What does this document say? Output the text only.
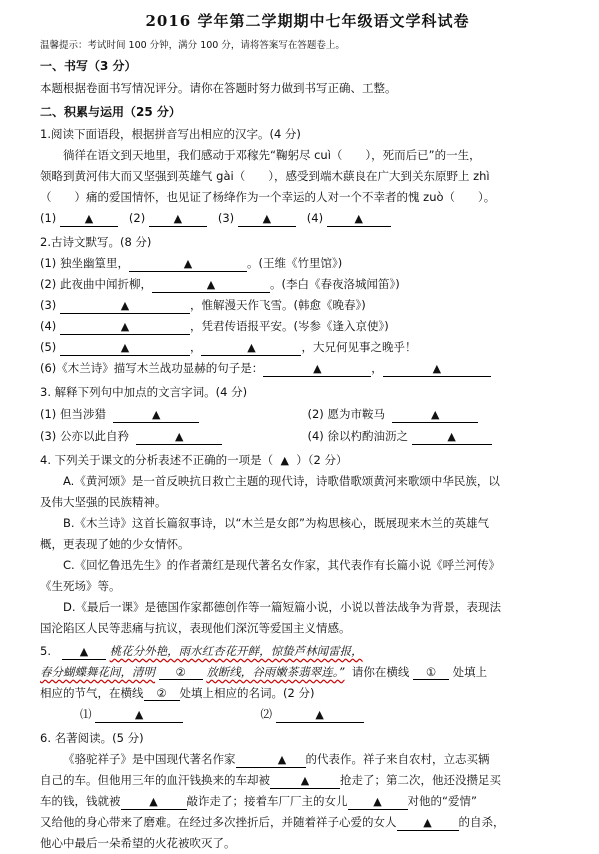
2016 学年第二学期期中七年级语文学科试卷
温馨提示：考试时间 100 分钟，满分 100 分，请将答案写在答题卷上。
一、书写（3 分）
本题根据卷面书写情况评分。请你在答题时努力做到书写正确、工整。
二、积累与运用（25 分）
1.阅读下面语段，根据拼音写出相应的汉字。(4 分)
徜徉在语文到天地里，我们感动于邓稼先“鞠躬尽 cuì（　　），死而后已”的一生，
领略到黄河伟大而又坚强到英雄气 gài（　　），感受到端木蕻良在广大到关东原野上 zhì
（　　）痛的爱国情怀，也见证了杨绛作为一个幸运的人对一个不幸者的愧 zuò（　　）。
(1)	▲	(2)	▲	(3)	▲	(4)	▲
2.古诗文默写。(8 分)
(1) 独坐幽篁里，	▲	。(王维《竹里馆》)
(2) 此夜曲中闻折柳，	▲	。(李白《春夜洛城闻笛》)
(3)	▲	，惟解漫天作飞雪。(韩愈《晚春》)
(4)	▲	，凭君传语报平安。(岑参《逢入京使》)
(5)	▲	，	▲	，大兄何见事之晚乎！
(6)《木兰诗》描写木兰战功显赫的句子是：	▲	，	▲
3. 解释下列句中加点的文言字词。(4 分)
(1) 但当涉猎	▲	(2) 愿为市鞍马	▲
(3) 公亦以此自矜	▲	(4) 徐以杓酌油沥之	▲
4. 下列关于课文的分析表述不正确的一项是（ ▲ ）（2 分）
A.《黄河颂》是一首反映抗日救亡主题的现代诗，诗歌借歌颂黄河来歌颂中华民族，以
及伟大坚强的民族精神。
B.《木兰诗》这首长篇叙事诗，以“木兰是女郎”为构思核心，既展现来木兰的英雄气
概，更表现了她的少女情怀。
C.《回忆鲁迅先生》的作者萧红是现代著名女作家，其代表作有长篇小说《呼兰河传》
《生死场》等。
D.《最后一课》是德国作家都德创作等一篇短篇小说，小说以普法战争为背景，表现法
国沦陷区人民等悲痛与抗议，表现他们深沉等爱国主义情感。
5.	▲ 桃花分外艳，雨水红杏花开鲜，惊蛰芦林闻雷报，
春分蝴蝶舞花间，清明 ② 放断线，谷雨嫩茶翡翠连。” 请你在横线 ① 处填上
相应的节气，在横线 ② 处填上相应的名词。(2 分)
⑴	▲	⑵	▲
6. 名著阅读。(5 分)
《骆驼祥子》是中国现代著名作家	▲ 的代表作。祥子来自农村，立志买辆
自己的车。但他用三年的血汗钱换来的车却被	▲	抢走了；第二次，他还没攒足买
车的钱，钱就被	▲	敲诈走了；接着车厂厂主的女儿 ▲ 对他的“爱情”
又给他的身心带来了磨难。在经过多次挫折后，并随着祥子心爱的女人 ▲ 的自杀，
他心中最后一朵希望的火花被吹灭了。
